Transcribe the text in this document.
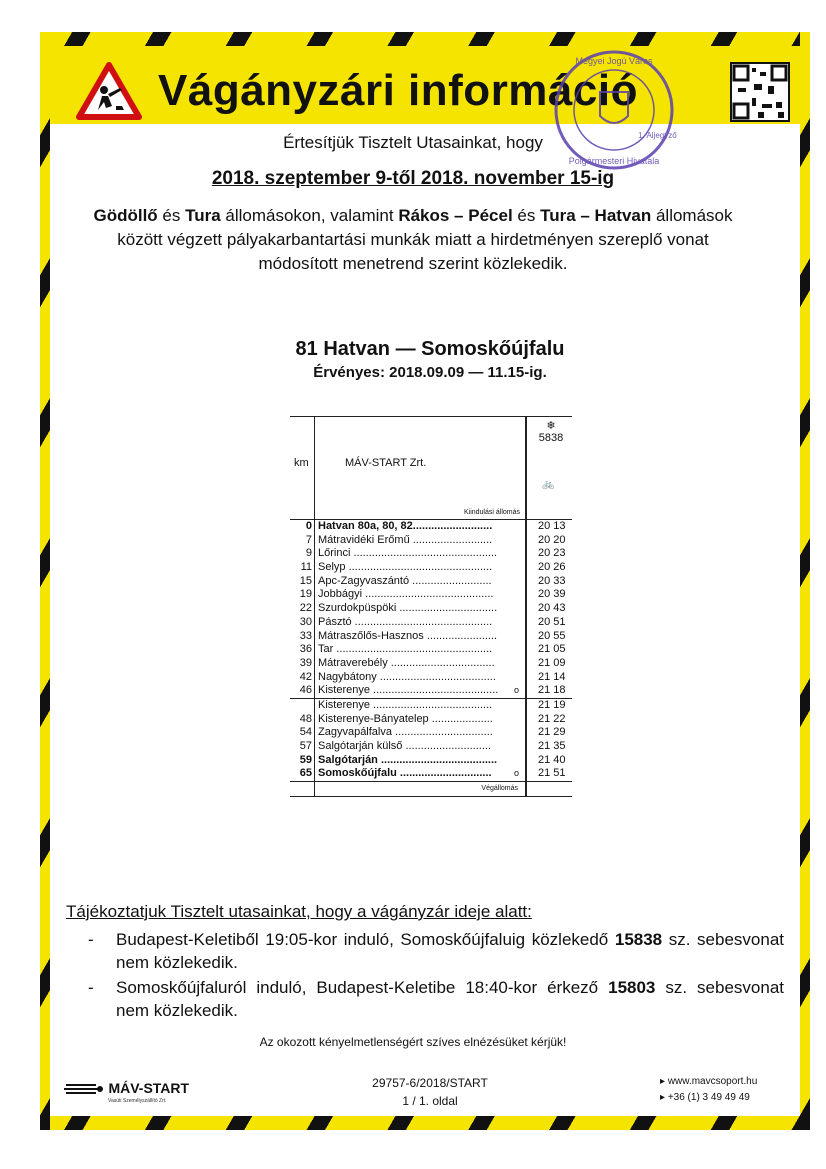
Vágányzári információ
Megyei Jogú Város
Polgármesteri Hivatala
1. Aljegyző
Értesítjük Tisztelt Utasainkat, hogy
2018. szeptember 9-től 2018. november 15-ig
Gödöllő és Tura állomásokon, valamint Rákos – Pécel és Tura – Hatvan állomások között végzett pályakarbantartási munkák miatt a hirdetményen szereplő vonat módosított menetrend szerint közlekedik.
81 Hatvan — Somoskőújfalu
Érvényes: 2018.09.09 — 11.15-ig.
km	MÁV-START Zrt.
❄
5838
🚲
Kiindulási állomás
0 Hatvan 80a, 80, 82..........................	20 13
7 Mátravidéki Erőmű ..........................	20 20
9 Lőrinci ...............................................	20 23
11 Selyp ...............................................	20 26
15 Apc-Zagyvaszántó ..........................	20 33
19 Jobbágyi ..........................................	20 39
22 Szurdokpüspöki ................................	20 43
30 Pásztó .............................................	20 51
33 Mátraszőlős-Hasznos .......................	20 55
36 Tar ...................................................	21 05
39 Mátraverebély ..................................	21 09
42 Nagybátony ......................................	21 14
46 Kisterenye .........................................	o 21 18
Kisterenye .......................................	21 19
48 Kisterenye-Bányatelep ....................	21 22
54 Zagyvapálfalva ................................	21 29
57 Salgótarján külső ............................	21 35
59 Salgótarján ......................................	21 40
65 Somoskőújfalu ..............................	o 21 51
Végállomás
Tájékoztatjuk Tisztelt utasainkat, hogy a vágányzár ideje alatt:
- Budapest-Keletiből 19:05-kor induló, Somoskőújfaluig közlekedő 15838 sz. sebesvonat nem közlekedik.
- Somoskőújfaluról induló, Budapest-Keletibe 18:40-kor érkező 15803 sz. sebesvonat nem közlekedik.
Az okozott kényelmetlenségért szíves elnézésüket kérjük!
MÁV-START
Vasúti Személyszállító Zrt.
29757-6/2018/START
1 / 1. oldal
▸ www.mavcsoport.hu
▸ +36 (1) 3 49 49 49
